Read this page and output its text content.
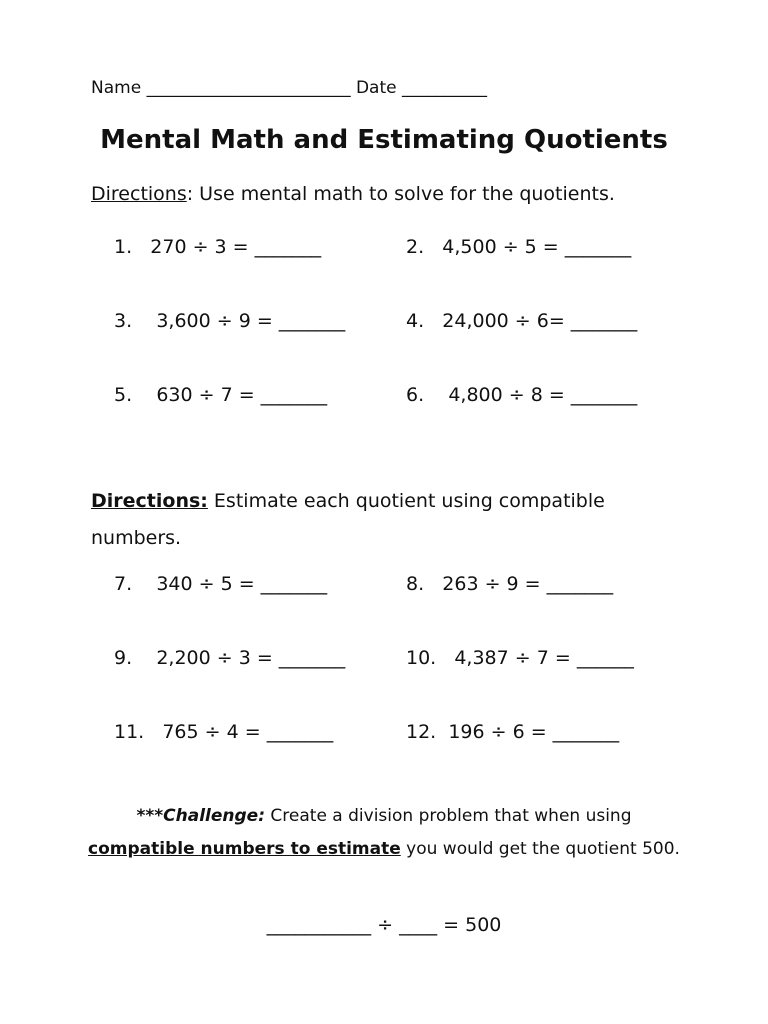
Name ________________________ Date __________
Mental Math and Estimating Quotients
Directions: Use mental math to solve for the quotients.
1. 270 ÷ 3 = _______	2. 4,500 ÷ 5 = _______
3. 3,600 ÷ 9 = _______	4. 24,000 ÷ 6= _______
5. 630 ÷ 7 = _______	6. 4,800 ÷ 8 = _______
Directions: Estimate each quotient using compatible numbers.
7. 340 ÷ 5 = _______	8. 263 ÷ 9 = _______
9. 2,200 ÷ 3 = _______	10. 4,387 ÷ 7 = ______
11. 765 ÷ 4 = _______	12. 196 ÷ 6 = _______
***Challenge: Create a division problem that when using compatible numbers to estimate you would get the quotient 500.
___________ ÷ ____ = 500
